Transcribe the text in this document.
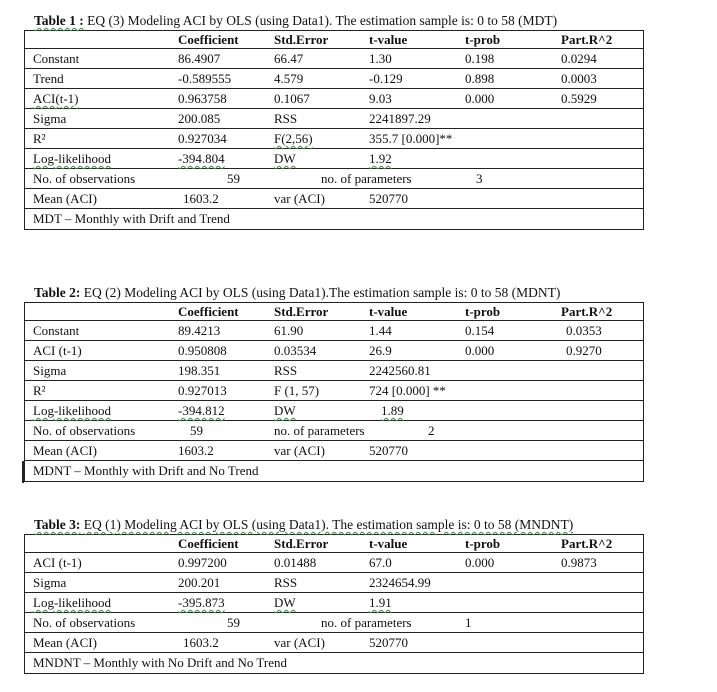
Table 1 : EQ (3) Modeling ACI by OLS (using Data1). The estimation sample is: 0 to 58 (MDT)
Coefficient	Std.Error	t-value	t-prob	Part.R^2
Constant	86.4907	66.47	1.30	0.198	0.0294
Trend	-0.589555	4.579	-0.129	0.898	0.0003
ACI(t-1)	0.963758	0.1067	9.03	0.000	0.5929
Sigma	200.085	RSS	2241897.29
R²	0.927034	F(2,56)	355.7 [0.000]**
Log-likelihood	-394.804	DW	1.92
No. of observations	59	no. of parameters	3
Mean (ACI)	1603.2	var (ACI)	520770
MDT – Monthly with Drift and Trend
Table 2: EQ (2) Modeling ACI by OLS (using Data1).The estimation sample is: 0 to 58 (MDNT)
Coefficient	Std.Error	t-value	t-prob	Part.R^2
Constant	89.4213	61.90	1.44	0.154	0.0353
ACI (t-1)	0.950808	0.03534	26.9	0.000	0.9270
Sigma	198.351	RSS	2242560.81
R²	0.927013	F (1, 57)	724 [0.000] **
Log-likelihood	-394.812	DW	1.89
No. of observations	59	no. of parameters	2
Mean (ACI)	1603.2	var (ACI)	520770
MDNT – Monthly with Drift and No Trend
Table 3: EQ (1) Modeling ACI by OLS (using Data1). The estimation sample is: 0 to 58 (MNDNT)
Coefficient	Std.Error	t-value	t-prob	Part.R^2
ACI (t-1)	0.997200	0.01488	67.0	0.000	0.9873
Sigma	200.201	RSS	2324654.99
Log-likelihood	-395.873	DW	1.91
No. of observations	59	no. of parameters	1
Mean (ACI)	1603.2	var (ACI)	520770
MNDNT – Monthly with No Drift and No Trend
